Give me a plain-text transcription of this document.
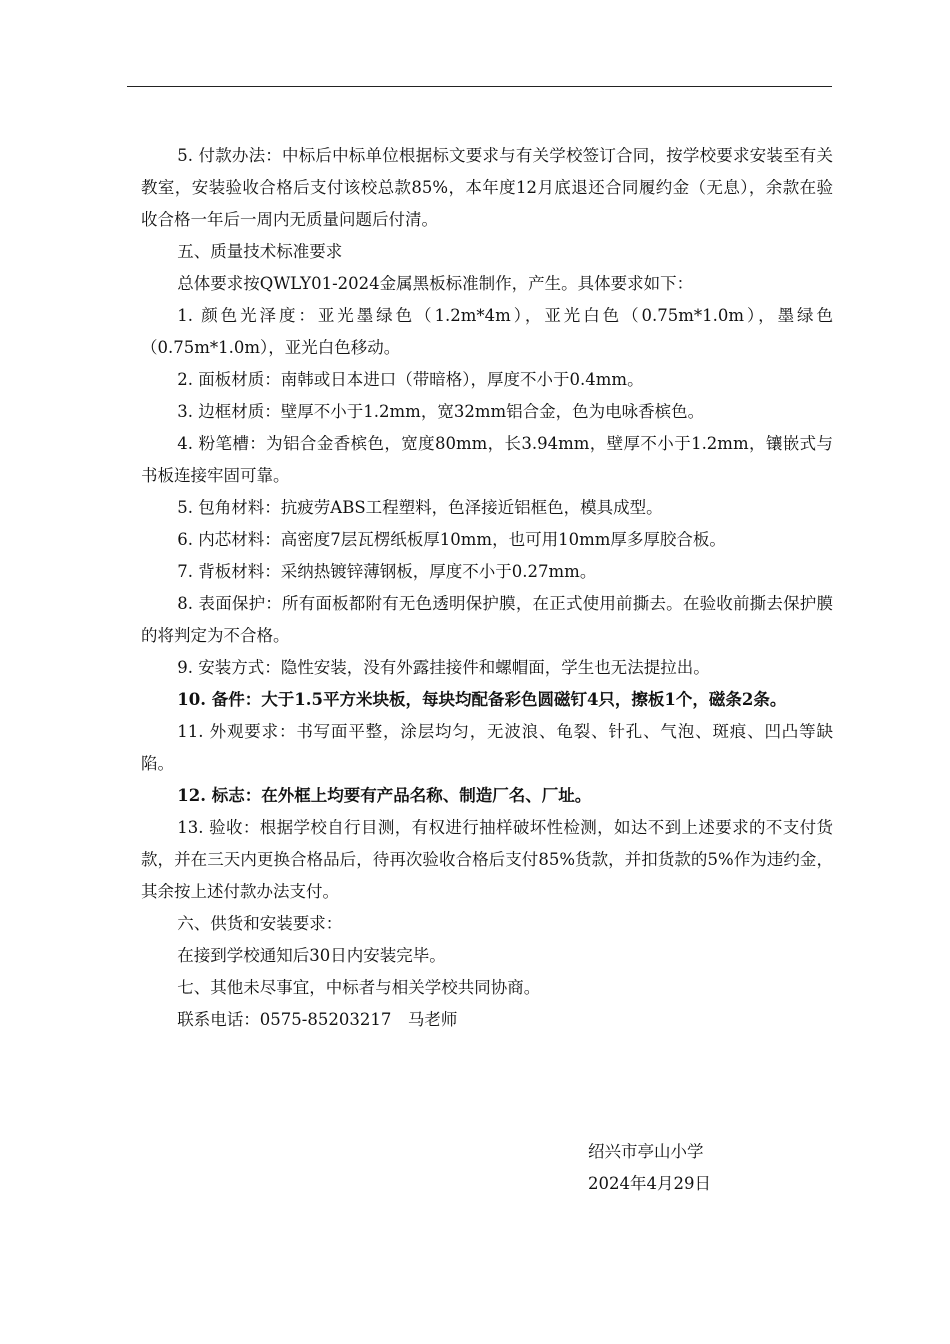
5. 付款办法：中标后中标单位根据标文要求与有关学校签订合同，按学校要求安装至有关教室，安装验收合格后支付该校总款85%，本年度12月底退还合同履约金（无息），余款在验收合格一年后一周内无质量问题后付清。

五、质量技术标准要求

总体要求按QWLY01-2024金属黑板标准制作，产生。具体要求如下：

1. 颜色光泽度：亚光墨绿色（1.2m*4m），亚光白色（0.75m*1.0m），墨绿色（0.75m*1.0m），亚光白色移动。

2. 面板材质：南韩或日本进口（带暗格），厚度不小于0.4mm。

3. 边框材质：壁厚不小于1.2mm，宽32mm铝合金，色为电咏香槟色。

4. 粉笔槽：为铝合金香槟色，宽度80mm，长3.94mm，壁厚不小于1.2mm，镶嵌式与书板连接牢固可靠。

5. 包角材料：抗疲劳ABS工程塑料，色泽接近铝框色，模具成型。

6. 内芯材料：高密度7层瓦楞纸板厚10mm，也可用10mm厚多厚胶合板。

7. 背板材料：采纳热镀锌薄钢板，厚度不小于0.27mm。

8. 表面保护：所有面板都附有无色透明保护膜，在正式使用前撕去。在验收前撕去保护膜的将判定为不合格。

9. 安装方式：隐性安装，没有外露挂接件和螺帽面，学生也无法提拉出。

10. 备件：大于1.5平方米块板，每块均配备彩色圆磁钉4只，擦板1个，磁条2条。

11. 外观要求：书写面平整，涂层均匀，无波浪、龟裂、针孔、气泡、斑痕、凹凸等缺陷。

12. 标志：在外框上均要有产品名称、制造厂名、厂址。

13. 验收：根据学校自行目测，有权进行抽样破坏性检测，如达不到上述要求的不支付货款，并在三天内更换合格品后，待再次验收合格后支付85%货款，并扣货款的5%作为违约金，其余按上述付款办法支付。

六、供货和安装要求：

在接到学校通知后30日内安装完毕。

七、其他未尽事宜，中标者与相关学校共同协商。

联系电话：0575-85203217　马老师

绍兴市亭山小学
2024年4月29日
